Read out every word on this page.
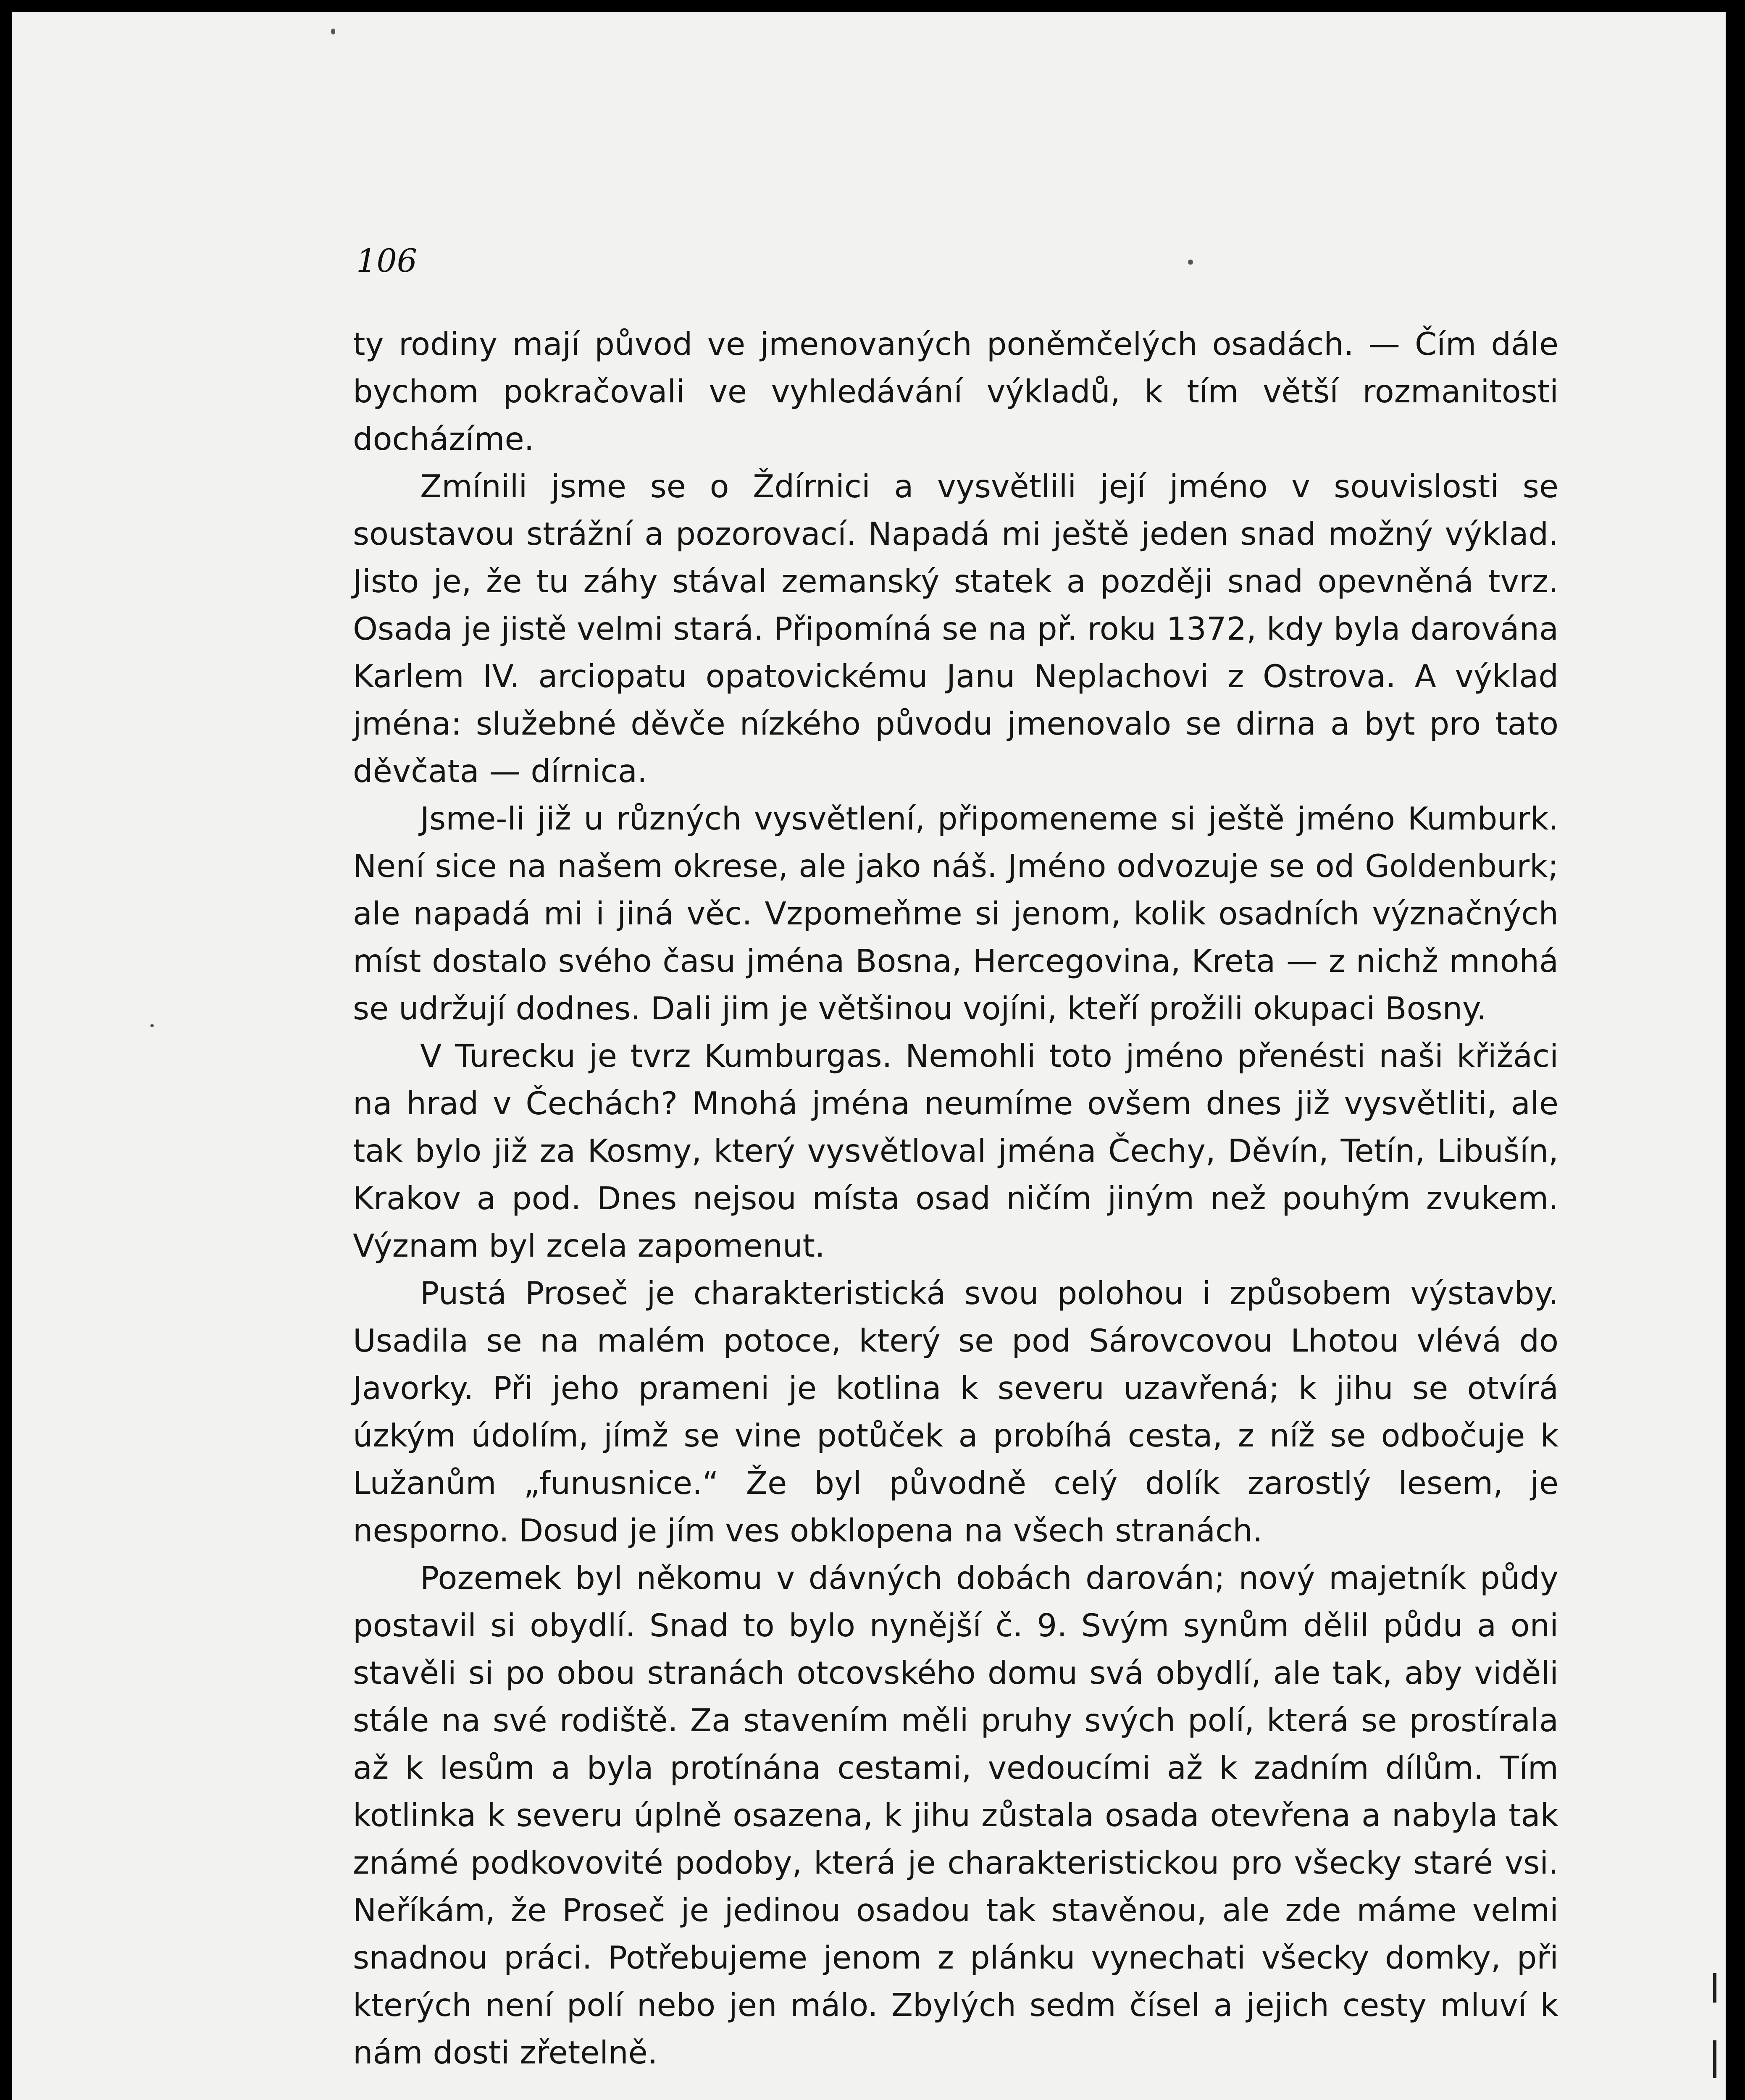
106

ty rodiny mají původ ve jmenovaných poněmčelých osadách. — Čím dále bychom pokračovali ve vyhledávání výkladů, k tím větší rozmanitosti docházíme.

Zmínili jsme se o Ždírnici a vysvětlili její jméno v souvislosti se soustavou strážní a pozorovací. Napadá mi ještě jeden snad možný výklad. Jisto je, že tu záhy stával zemanský statek a později snad opevněná tvrz. Osada je jistě velmi stará. Připomíná se na př. roku 1372, kdy byla darována Karlem IV. arciopatu opatovickému Janu Neplachovi z Ostrova. A výklad jména: služebné děvče nízkého původu jmenovalo se dirna a byt pro tato děvčata — dírnica.

Jsme-li již u různých vysvětlení, připomeneme si ještě jméno Kumburk. Není sice na našem okrese, ale jako náš. Jméno odvozuje se od Goldenburk; ale napadá mi i jiná věc. Vzpomeňme si jenom, kolik osadních význačných míst dostalo svého času jména Bosna, Hercegovina, Kreta — z nichž mnohá se udržují dodnes. Dali jim je většinou vojíni, kteří prožili okupaci Bosny.

V Turecku je tvrz Kumburgas. Nemohli toto jméno přenésti naši křižáci na hrad v Čechách? Mnohá jména neumíme ovšem dnes již vysvětliti, ale tak bylo již za Kosmy, který vysvětloval jména Čechy, Děvín, Tetín, Libušín, Krakov a pod. Dnes nejsou místa osad ničím jiným než pouhým zvukem. Význam byl zcela zapomenut.

Pustá Proseč je charakteristická svou polohou i způsobem výstavby. Usadila se na malém potoce, který se pod Sárovcovou Lhotou vlévá do Javorky. Při jeho prameni je kotlina k severu uzavřená; k jihu se otvírá úzkým údolím, jímž se vine potůček a probíhá cesta, z níž se odbočuje k Lužanům „funusnice.“ Že byl původně celý dolík zarostlý lesem, je nesporno. Dosud je jím ves obklopena na všech stranách.

Pozemek byl někomu v dávných dobách darován; nový majetník půdy postavil si obydlí. Snad to bylo nynější č. 9. Svým synům dělil půdu a oni stavěli si po obou stranách otcovského domu svá obydlí, ale tak, aby viděli stále na své rodiště. Za stavením měli pruhy svých polí, která se prostírala až k lesům a byla protínána cestami, vedoucími až k zadním dílům. Tím kotlinka k severu úplně osazena, k jihu zůstala osada otevřena a nabyla tak známé podkovovité podoby, která je charakteristickou pro všecky staré vsi. Neříkám, že Proseč je jedinou osadou tak stavěnou, ale zde máme velmi snadnou práci. Potřebujeme jenom z plánku vynechati všecky domky, při kterých není polí nebo jen málo. Zbylých sedm čísel a jejich cesty mluví k nám dosti zřetelně.
